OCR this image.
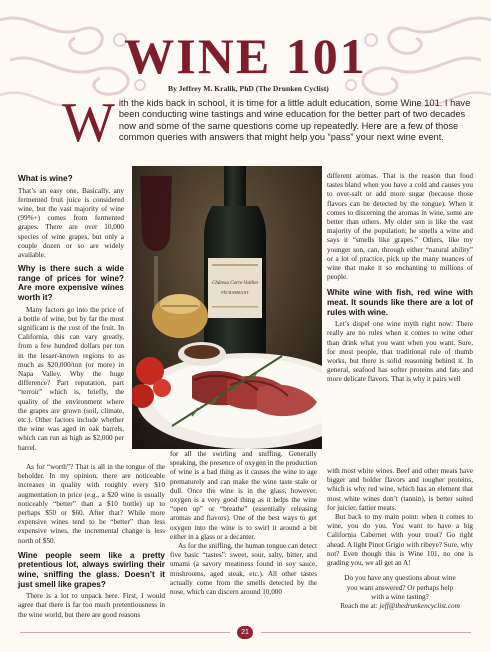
WINE 101
By Jeffrey M. Kralik, PhD (The Drunken Cyclist)
W ith the kids back in school, it is time for a little adult education, some Wine 101. I have been conducting wine tastings and wine education for the better part of two decades now and some of the same questions come up repeatedly. Here are a few of those common queries with answers that might help you “pass” your next wine event.
What is wine?

That’s an easy one. Basically, any fermented fruit juice is considered wine, but the vast majority of wine (99%+) comes from fermented grapes. There are over 10,000 species of wine grapes, but only a couple dozen or so are widely available.

Why is there such a wide range of prices for wine? Are more expensive wines worth it?

Many factors go into the price of a bottle of wine, but by far the most significant is the cost of the fruit. In California, this can vary greatly, from a few hundred dollars per ton in the lesser-known regions to as much as $20,000/ton (or more) in Napa Valley. Why the huge difference? Part reputation, part “terroir” which is, briefly, the quality of the environment where the grapes are grown (soil, climate, etc.). Other factors include whether the wine was aged in oak barrels, which can run as high as $2,000 per barrel.

As for “worth”? That is all in the tongue of the beholder. In my opinion, there are noticeable increases in quality with roughly every $10 augmentation in price (e.g., a $20 wine is usually noticeably “better” than a $10 bottle) up to perhaps $50 or $60. After that? While more expensive wines tend to be “better” than less expensive wines, the incremental change is less north of $50.

Wine people seem like a pretty pretentious lot, always swirling their wine, sniffing the glass. Doesn’t it just smell like grapes?

There is a lot to unpack here. First, I would agree that there is far too much pretentiousness in the wine world, but there are good reasons

Château Corre-Vailliet
PÉCHARMANT

for all the swirling and sniffing. Generally speaking, the presence of oxygen in the production of wine is a bad thing as it causes the wine to age prematurely and can make the wine taste stale or dull. Once the wine is in the glass, however, oxygen is a very good thing as it helps the wine “open up” or “breathe” (essentially releasing aromas and flavors). One of the best ways to get oxygen into the wine is to swirl it around a bit either in a glass or a decanter.

As for the sniffing, the human tongue can detect five basic “tastes”: sweet, sour, salty, bitter, and umami (a savory meatiness found in soy sauce, mushrooms, aged steak, etc.). All other tastes actually come from the smells detected by the nose, which can discern around 10,000

different aromas. That is the reason that food tastes bland when you have a cold and causes you to over-salt or add more sugar (because those flavors can be detected by the tongue). When it comes to discerning the aromas in wine, some are better than others. My older son is like the vast majority of the population; he smells a wine and says it “smells like grapes.” Others, like my younger son, can, through either “natural ability” or a lot of practice, pick up the many nuances of wine that make it so enchanting to millions of people.

White wine with fish, red wine with meat. It sounds like there are a lot of rules with wine.

Let’s dispel one wine myth right now: There really are no rules when it comes to wine other than drink what you want when you want. Sure, for most people, that traditional rule of thumb works, but there is solid reasoning behind it. In general, seafood has softer proteins and fats and more delicate flavors. That is why it pairs well

with most white wines. Beef and other meats have bigger and bolder flavors and tougher proteins, which is why red wine, which has an element that most white wines don’t (tannin), is better suited for juicier, fattier meats.

But back to my main point: when it comes to wine, you do you. You want to have a big California Cabernet with your trout? Go right ahead. A light Pinot Grigio with ribeye? Sure, why not? Even though this is Wine 101, no one is grading you, we all get an A!

Do you have any questions about wine
you want answered? Or perhaps help
with a wine tasting?
Reach me at: jeff@thedrunkencyclist.com
21
